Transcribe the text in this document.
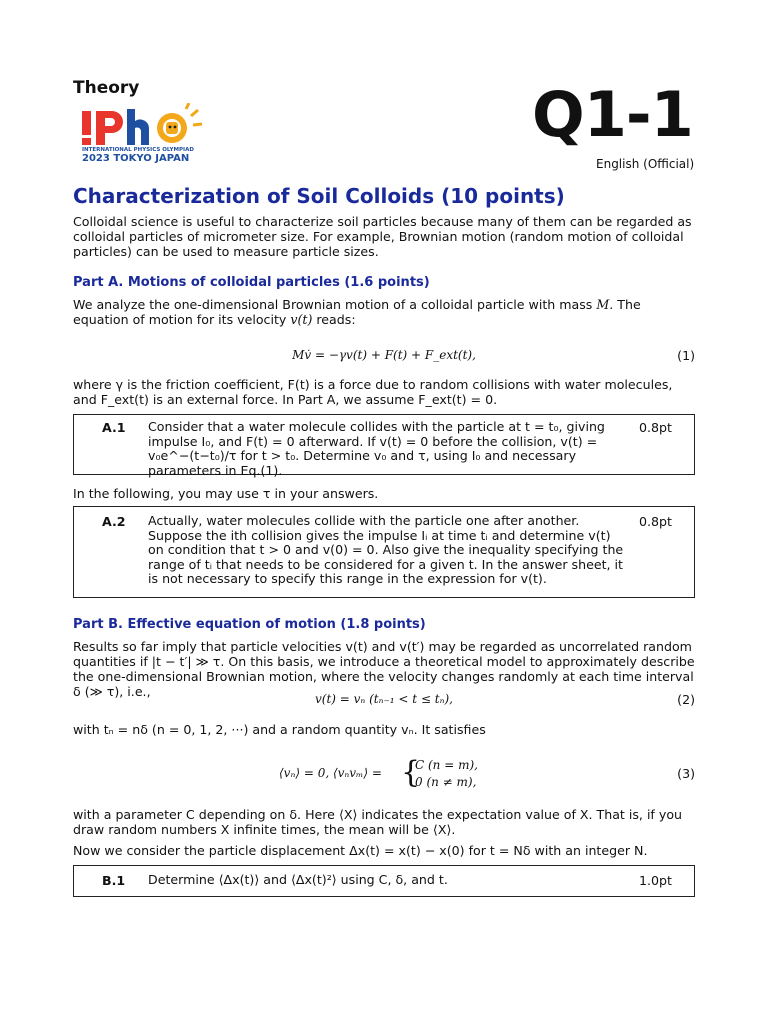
Theory
INTERNATIONAL PHYSICS OLYMPIAD
2023 TOKYO JAPAN
Q1-1
English (Official)
Characterization of Soil Colloids (10 points)
Colloidal science is useful to characterize soil particles because many of them can be regarded as colloidal particles of micrometer size. For example, Brownian motion (random motion of colloidal particles) can be used to measure particle sizes.
Part A. Motions of colloidal particles (1.6 points)
We analyze the one-dimensional Brownian motion of a colloidal particle with mass M. The equation of motion for its velocity v(t) reads:
Mv̇ = −γv(t) + F(t) + F_ext(t),	(1)
where γ is the friction coefficient, F(t) is a force due to random collisions with water molecules, and F_ext(t) is an external force. In Part A, we assume F_ext(t) = 0.
A.1 Consider that a water molecule collides with the particle at t = t₀, giving impulse I₀, and F(t) = 0 afterward. If v(t) = 0 before the collision, v(t) = v₀e^−(t−t₀)/τ for t > t₀. Determine v₀ and τ, using I₀ and necessary parameters in Eq.(1).
0.8pt
In the following, you may use τ in your answers.
A.2 Actually, water molecules collide with the particle one after another. Suppose the ith collision gives the impulse Iᵢ at time tᵢ and determine v(t) on condition that t > 0 and v(0) = 0. Also give the inequality specifying the range of tᵢ that needs to be considered for a given t. In the answer sheet, it is not necessary to specify this range in the expression for v(t).
0.8pt
Part B. Effective equation of motion (1.8 points)
Results so far imply that particle velocities v(t) and v(t′) may be regarded as uncorrelated random quantities if |t − t′| ≫ τ. On this basis, we introduce a theoretical model to approximately describe the one-dimensional Brownian motion, where the velocity changes randomly at each time interval δ (≫ τ), i.e.,	v(t) = vₙ (tₙ₋₁ < t ≤ tₙ),	(2)
with tₙ = nδ (n = 0, 1, 2, ···) and a random quantity vₙ. It satisfies
⟨vₙ⟩ = 0, ⟨vₙvₘ⟩ = {
C (n = m),
0 (n ≠ m),
(3)
with a parameter C depending on δ. Here ⟨X⟩ indicates the expectation value of X. That is, if you draw random numbers X infinite times, the mean will be ⟨X⟩.
Now we consider the particle displacement Δx(t) = x(t) − x(0) for t = Nδ with an integer N.
B.1 Determine ⟨Δx(t)⟩ and ⟨Δx(t)²⟩ using C, δ, and t.	1.0pt
